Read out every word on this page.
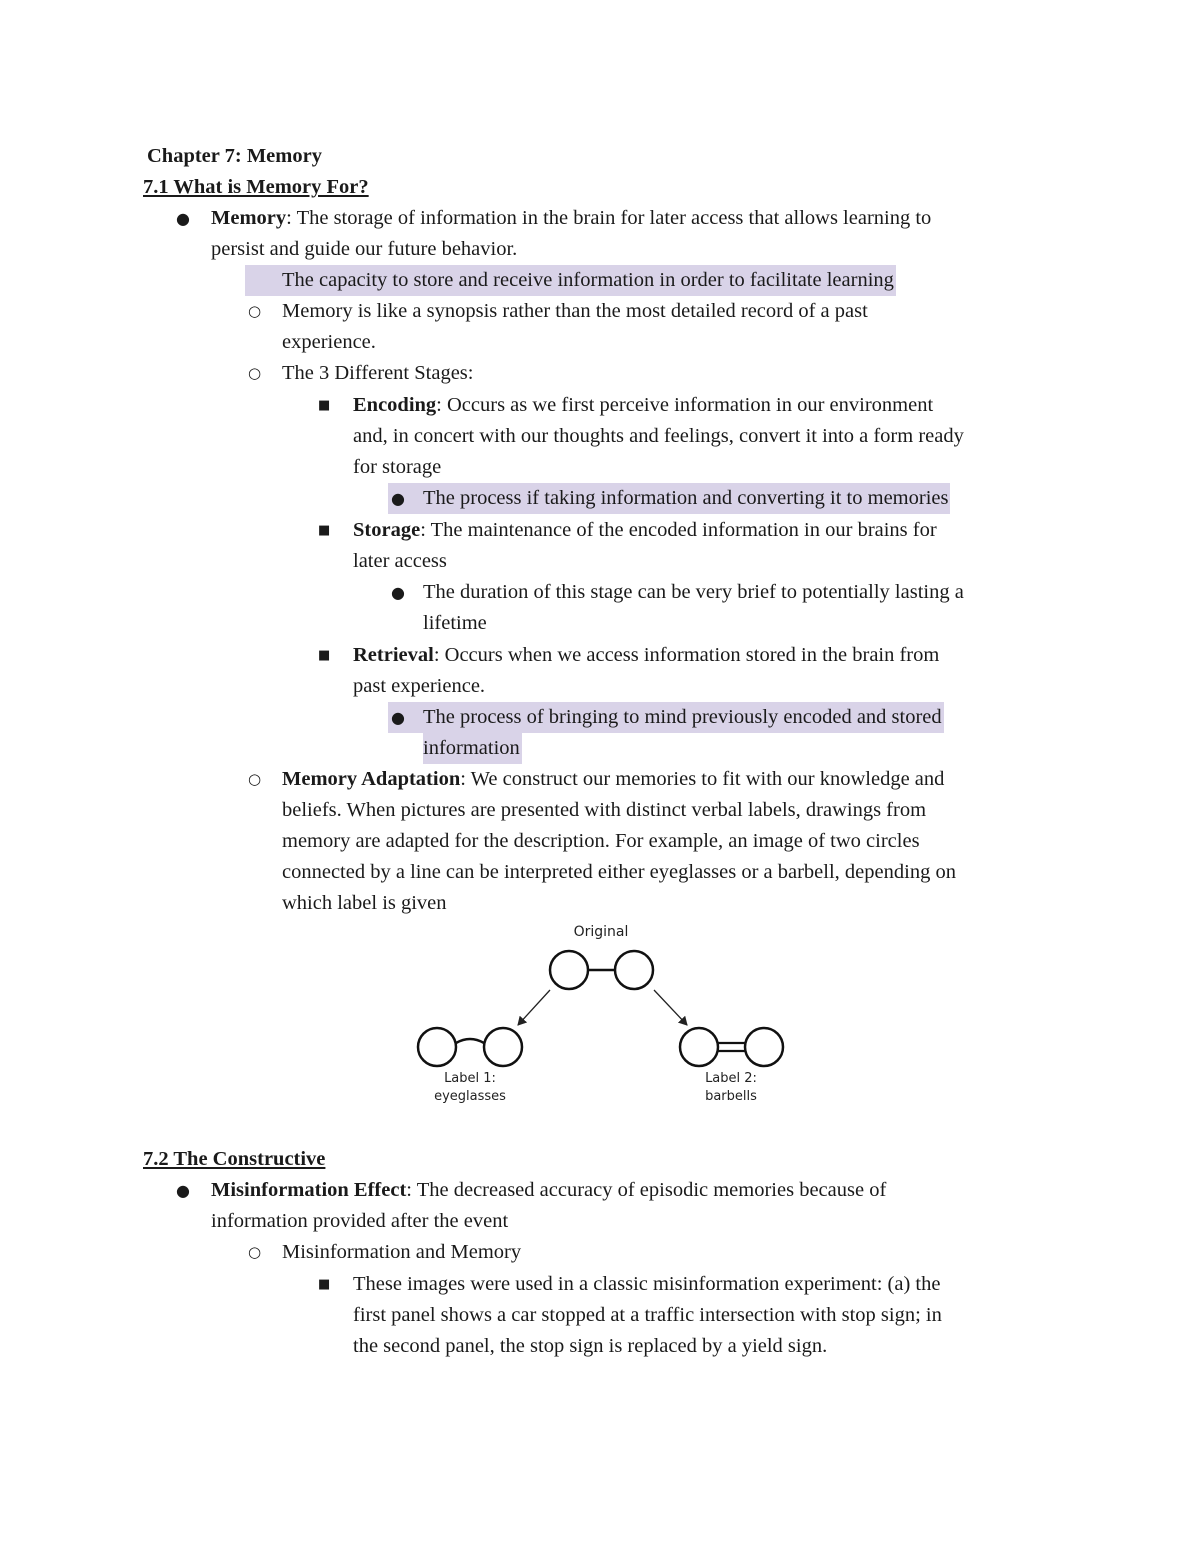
Chapter 7: Memory
7.1 What is Memory For?
● Memory: The storage of information in the brain for later access that allows learning to
persist and guide our future behavior.
The capacity to store and receive information in order to facilitate learning
○ Memory is like a synopsis rather than the most detailed record of a past
experience.
○ The 3 Different Stages:
■ Encoding: Occurs as we first perceive information in our environment
and, in concert with our thoughts and feelings, convert it into a form ready
for storage
The process if taking information and converting it to memories
●
■ Storage: The maintenance of the encoded information in our brains for
later access
● The duration of this stage can be very brief to potentially lasting a
lifetime
■ Retrieval: Occurs when we access information stored in the brain from
past experience.
The process of bringing to mind previously encoded and stored
●
information
○ Memory Adaptation: We construct our memories to fit with our knowledge and
beliefs. When pictures are presented with distinct verbal labels, drawings from
memory are adapted for the description. For example, an image of two circles
connected by a line can be interpreted either eyeglasses or a barbell, depending on
which label is given
Original
Label 1:
eyeglasses
Label 2:
barbells
7.2 The Constructive
● Misinformation Effect: The decreased accuracy of episodic memories because of
information provided after the event
○ Misinformation and Memory
■ These images were used in a classic misinformation experiment: (a) the
first panel shows a car stopped at a traffic intersection with stop sign; in
the second panel, the stop sign is replaced by a yield sign.
